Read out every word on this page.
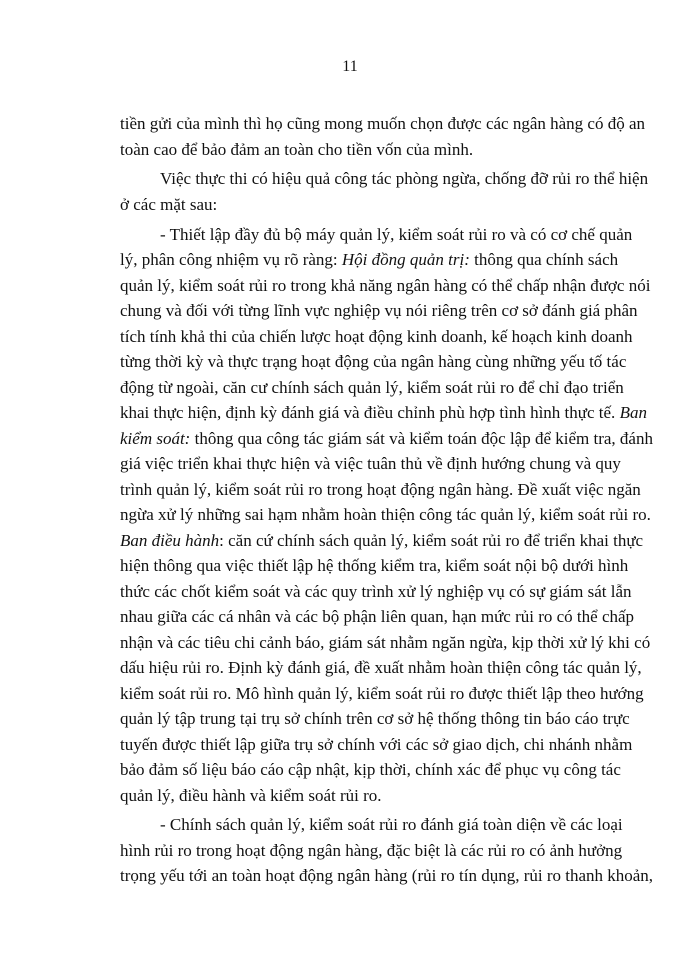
11
tiền gửi của mình thì họ cũng mong muốn chọn được các ngân hàng có độ an
toàn cao để bảo đảm an toàn cho tiền vốn của mình.
Việc thực thi có hiệu quả công tác phòng ngừa, chống đỡ rủi ro thể hiện
ở các mặt sau:
- Thiết lập đầy đủ bộ máy quản lý, kiểm soát rủi ro và có cơ chế quản
lý, phân công nhiệm vụ rõ ràng: Hội đồng quản trị: thông qua chính sách
quản lý, kiểm soát rủi ro trong khả năng ngân hàng có thể chấp nhận được nói
chung và đối với từng lĩnh vực nghiệp vụ nói riêng trên cơ sở đánh giá phân
tích tính khả thi của chiến lược hoạt động kinh doanh, kế hoạch kinh doanh
từng thời kỳ và thực trạng hoạt động của ngân hàng cùng những yếu tố tác
động từ ngoài, căn cư chính sách quản lý, kiểm soát rủi ro để chỉ đạo triển
khai thực hiện, định kỳ đánh giá và điều chỉnh phù hợp tình hình thực tế. Ban
kiểm soát: thông qua công tác giám sát và kiểm toán độc lập để kiểm tra, đánh
giá việc triển khai thực hiện và việc tuân thủ về định hướng chung và quy
trình quản lý, kiểm soát rủi ro trong hoạt động ngân hàng. Đề xuất việc ngăn
ngừa xử lý những sai hạm nhằm hoàn thiện công tác quản lý, kiểm soát rủi ro.
Ban điều hành: căn cứ chính sách quản lý, kiểm soát rủi ro để triển khai thực
hiện thông qua việc thiết lập hệ thống kiểm tra, kiểm soát nội bộ dưới hình
thức các chốt kiểm soát và các quy trình xử lý nghiệp vụ có sự giám sát lẫn
nhau giữa các cá nhân và các bộ phận liên quan, hạn mức rủi ro có thể chấp
nhận và các tiêu chi cảnh báo, giám sát nhằm ngăn ngừa, kịp thời xử lý khi có
dấu hiệu rủi ro. Định kỳ đánh giá, đề xuất nhằm hoàn thiện công tác quản lý,
kiểm soát rủi ro. Mô hình quản lý, kiểm soát rủi ro được thiết lập theo hướng
quản lý tập trung tại trụ sở chính trên cơ sở hệ thống thông tin báo cáo trực
tuyến được thiết lập giữa trụ sở chính với các sở giao dịch, chi nhánh nhằm
bảo đảm số liệu báo cáo cập nhật, kịp thời, chính xác để phục vụ công tác
quản lý, điều hành và kiểm soát rủi ro.
- Chính sách quản lý, kiểm soát rủi ro đánh giá toàn diện về các loại
hình rủi ro trong hoạt động ngân hàng, đặc biệt là các rủi ro có ảnh hưởng
trọng yếu tới an toàn hoạt động ngân hàng (rủi ro tín dụng, rủi ro thanh khoản,
